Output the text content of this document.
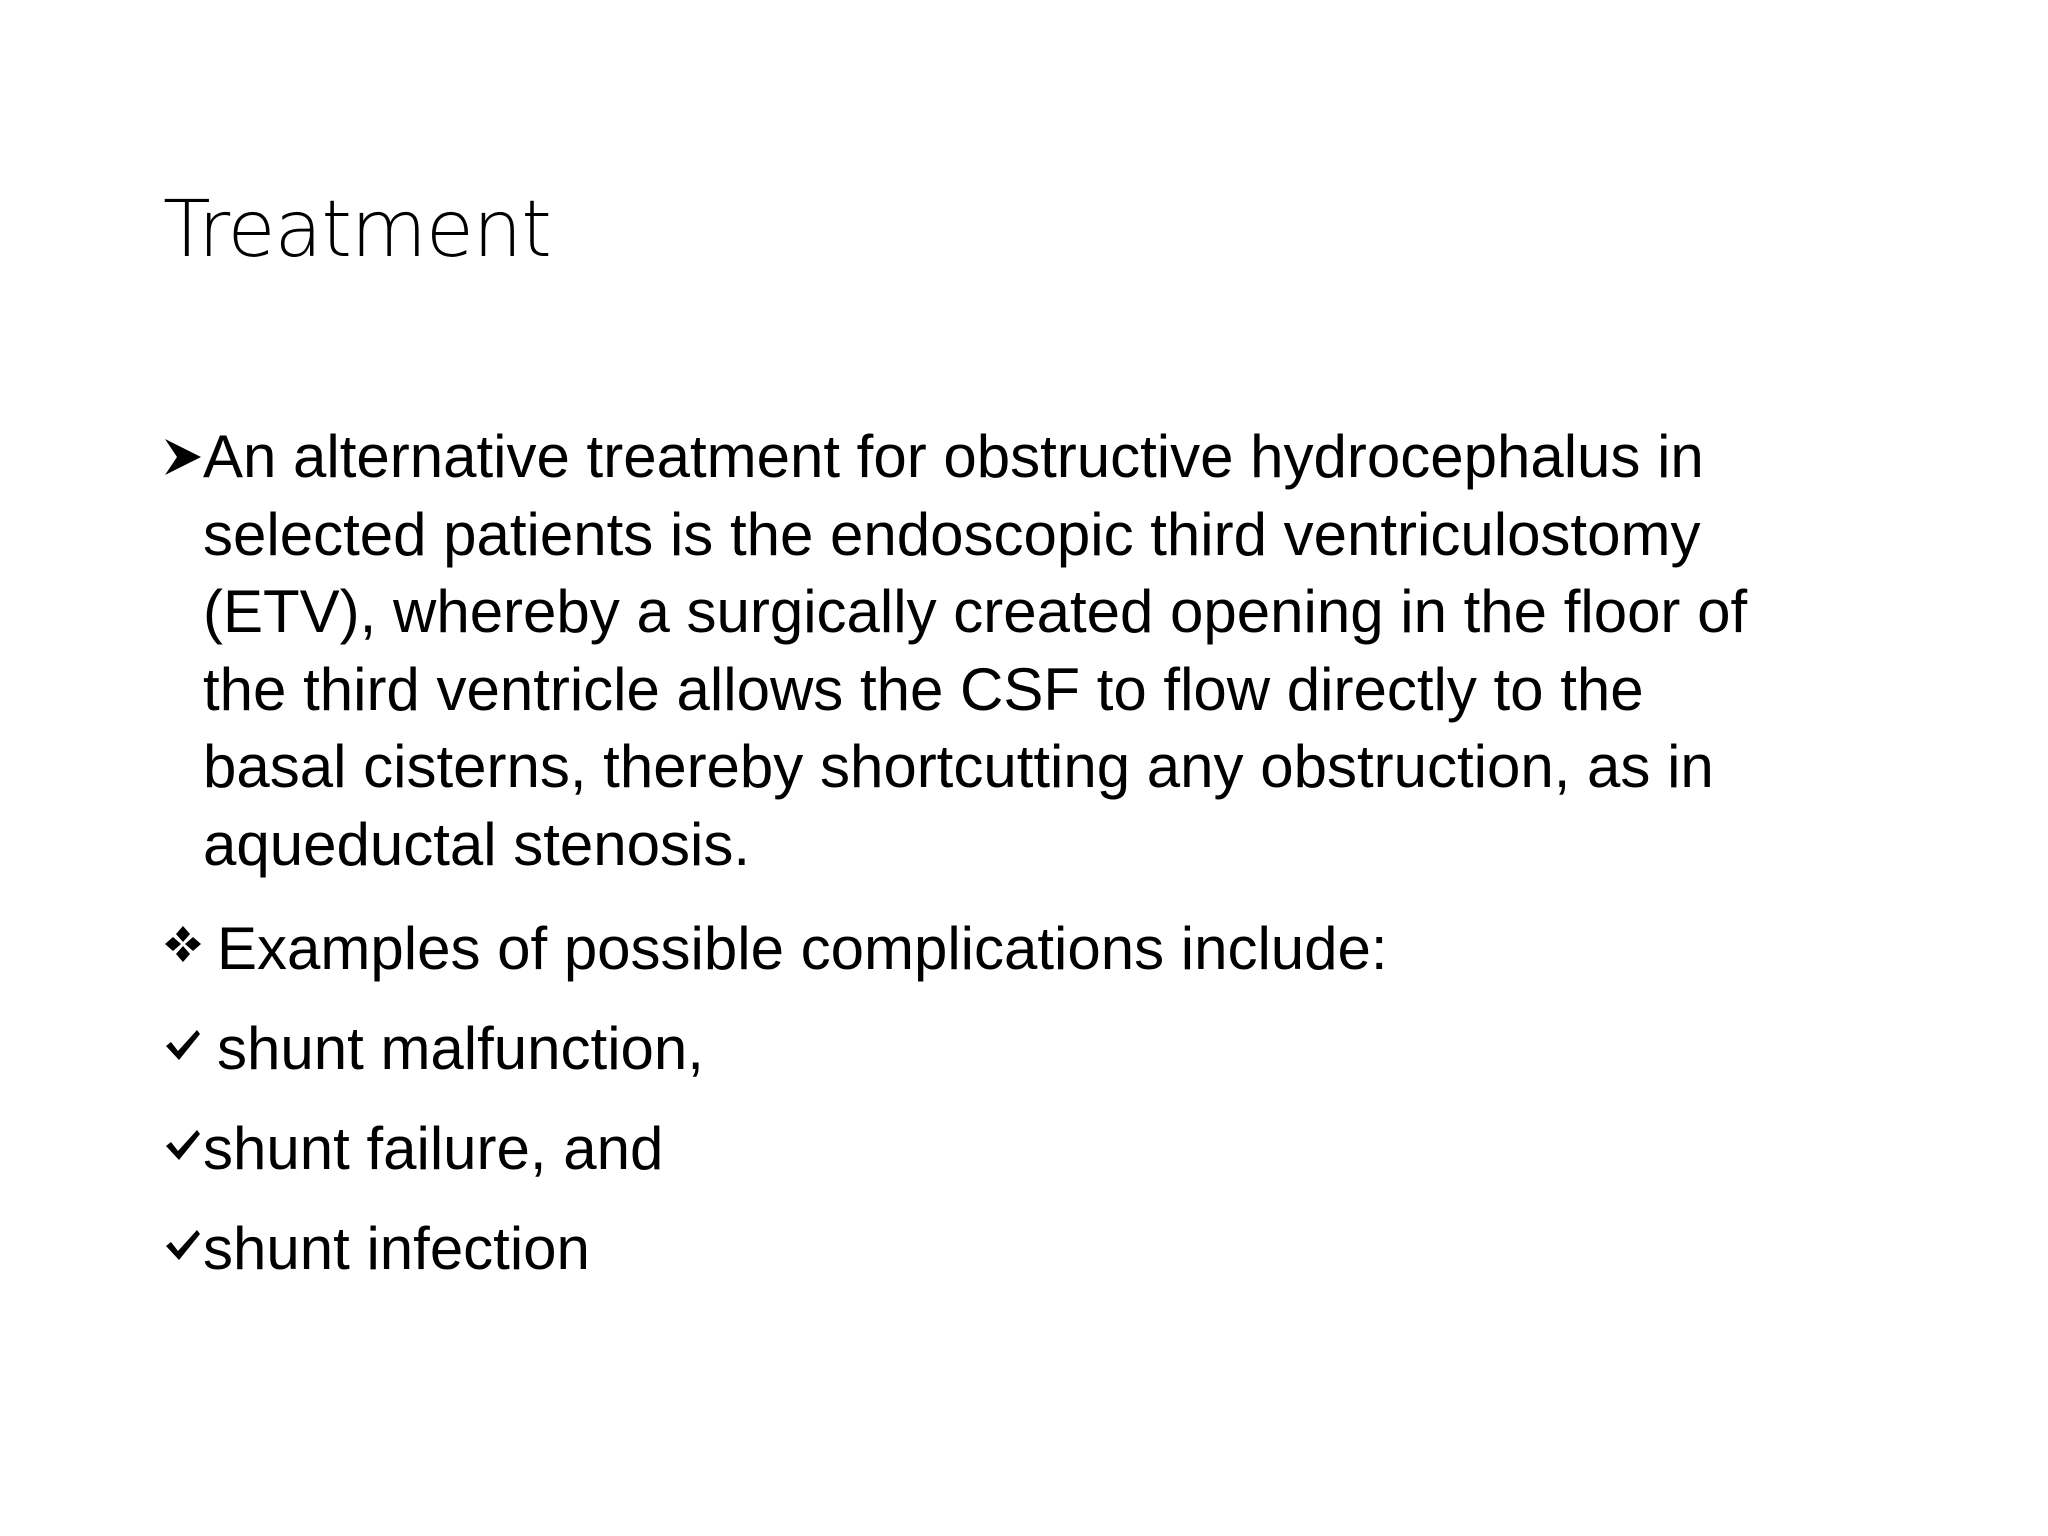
Treatment
An alternative treatment for obstructive hydrocephalus in
selected patients is the endoscopic third ventriculostomy
(ETV), whereby a surgically created opening in the floor of
the third ventricle allows the CSF to flow directly to the
basal cisterns, thereby shortcutting any obstruction, as in
aqueductal stenosis.
Examples of possible complications include:
shunt malfunction,
shunt failure, and
shunt infection
